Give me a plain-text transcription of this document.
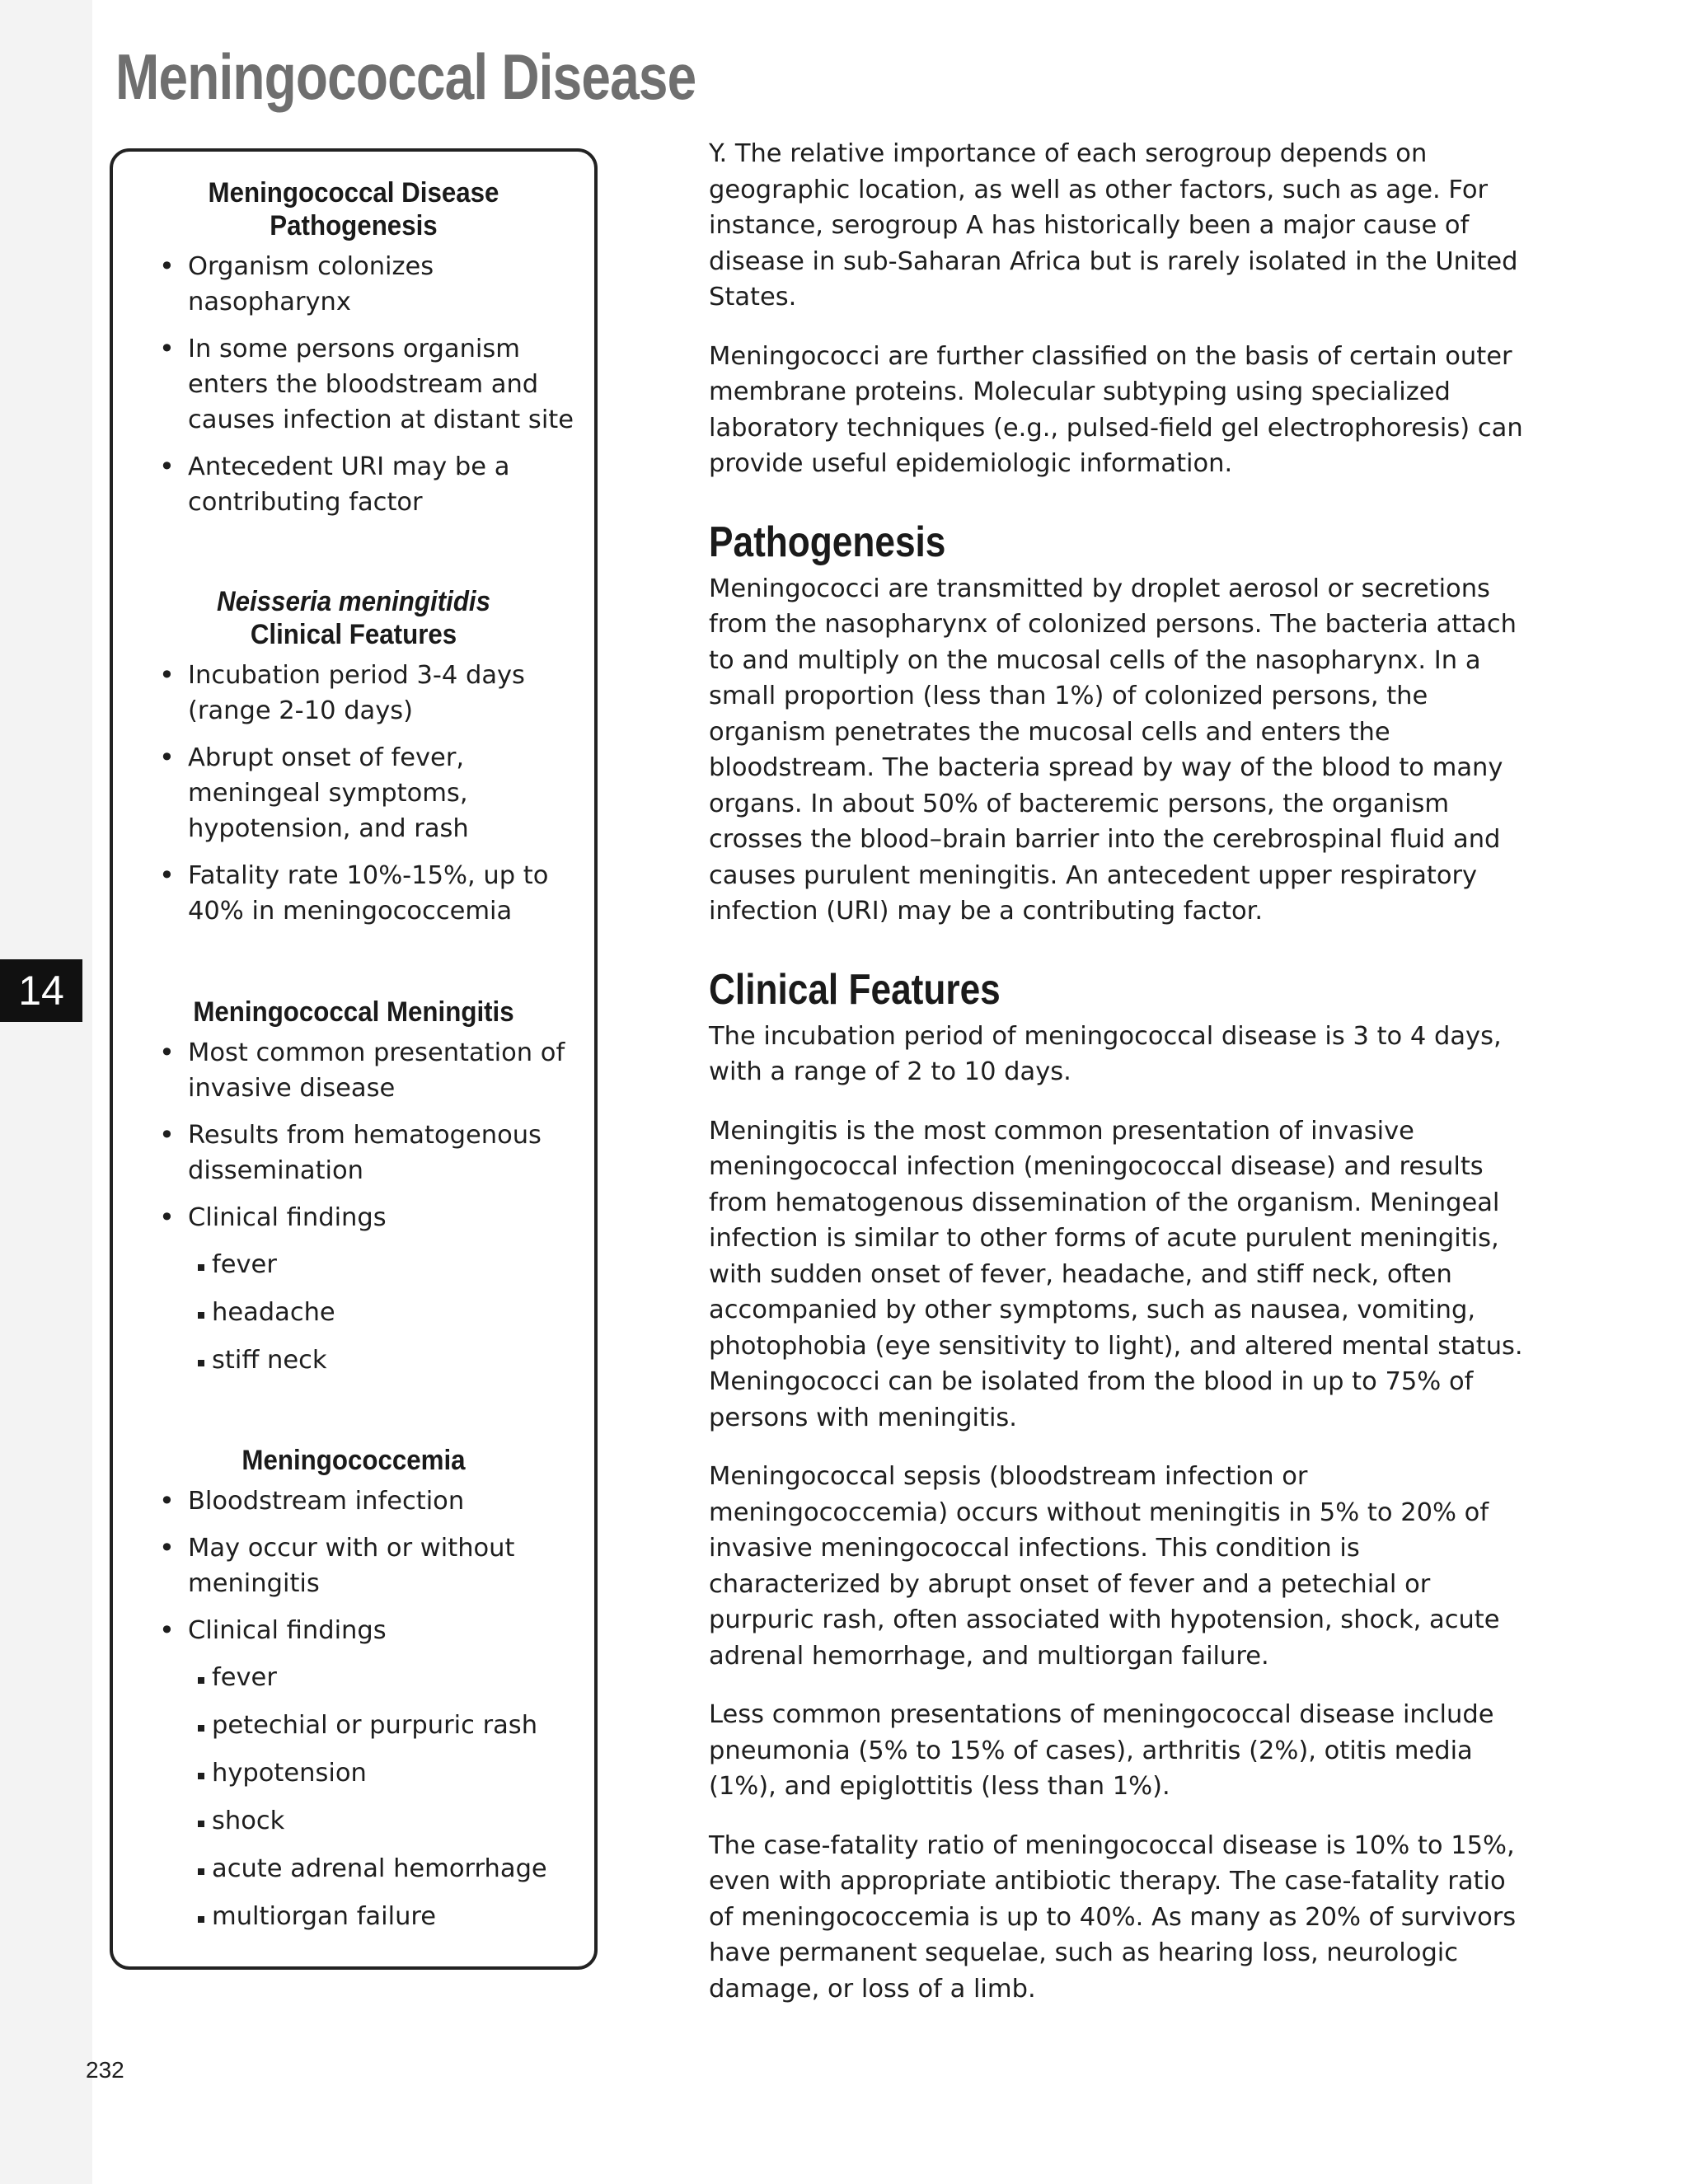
14
Meningococcal Disease
Meningococcal Disease
Pathogenesis
• Organism colonizes nasopharynx
• In some persons organism enters the bloodstream and causes infection at distant site
• Antecedent URI may be a contributing factor
Neisseria meningitidis
Clinical Features
• Incubation period 3-4 days (range 2-10 days)
• Abrupt onset of fever, meningeal symptoms, hypotension, and rash
• Fatality rate 10%-15%, up to 40% in meningococcemia
Meningococcal Meningitis
• Most common presentation of invasive disease
• Results from hematogenous dissemination
• Clinical findings
fever
headache
stiff neck
Meningococcemia
• Bloodstream infection
• May occur with or without meningitis
• Clinical findings
fever
petechial or purpuric rash
hypotension
shock
acute adrenal hemorrhage
multiorgan failure

Y. The relative importance of each serogroup depends on geographic location, as well as other factors, such as age. For instance, serogroup A has historically been a major cause of disease in sub-Saharan Africa but is rarely isolated in the United States.

Meningococci are further classified on the basis of certain outer membrane proteins. Molecular subtyping using specialized laboratory techniques (e.g., pulsed-field gel electrophoresis) can provide useful epidemiologic information.

Pathogenesis

Meningococci are transmitted by droplet aerosol or secretions from the nasopharynx of colonized persons. The bacteria attach to and multiply on the mucosal cells of the nasopharynx. In a small proportion (less than 1%) of colonized persons, the organism penetrates the mucosal cells and enters the bloodstream. The bacteria spread by way of the blood to many organs. In about 50% of bacteremic persons, the organism crosses the blood–brain barrier into the cerebrospinal fluid and causes purulent meningitis. An antecedent upper respiratory infection (URI) may be a contributing factor.

Clinical Features

The incubation period of meningococcal disease is 3 to 4 days, with a range of 2 to 10 days.

Meningitis is the most common presentation of invasive meningococcal infection (meningococcal disease) and results from hematogenous dissemination of the organism. Meningeal infection is similar to other forms of acute purulent meningitis, with sudden onset of fever, headache, and stiff neck, often accompanied by other symptoms, such as nausea, vomiting, photophobia (eye sensitivity to light), and altered mental status. Meningococci can be isolated from the blood in up to 75% of persons with meningitis.

Meningococcal sepsis (bloodstream infection or meningococcemia) occurs without meningitis in 5% to 20% of invasive meningococcal infections. This condition is characterized by abrupt onset of fever and a petechial or purpuric rash, often associated with hypotension, shock, acute adrenal hemorrhage, and multiorgan failure.

Less common presentations of meningococcal disease include pneumonia (5% to 15% of cases), arthritis (2%), otitis media (1%), and epiglottitis (less than 1%).

The case-fatality ratio of meningococcal disease is 10% to 15%, even with appropriate antibiotic therapy. The case-fatality ratio of meningococcemia is up to 40%. As many as 20% of survivors have permanent sequelae, such as hearing loss, neurologic damage, or loss of a limb.

232
